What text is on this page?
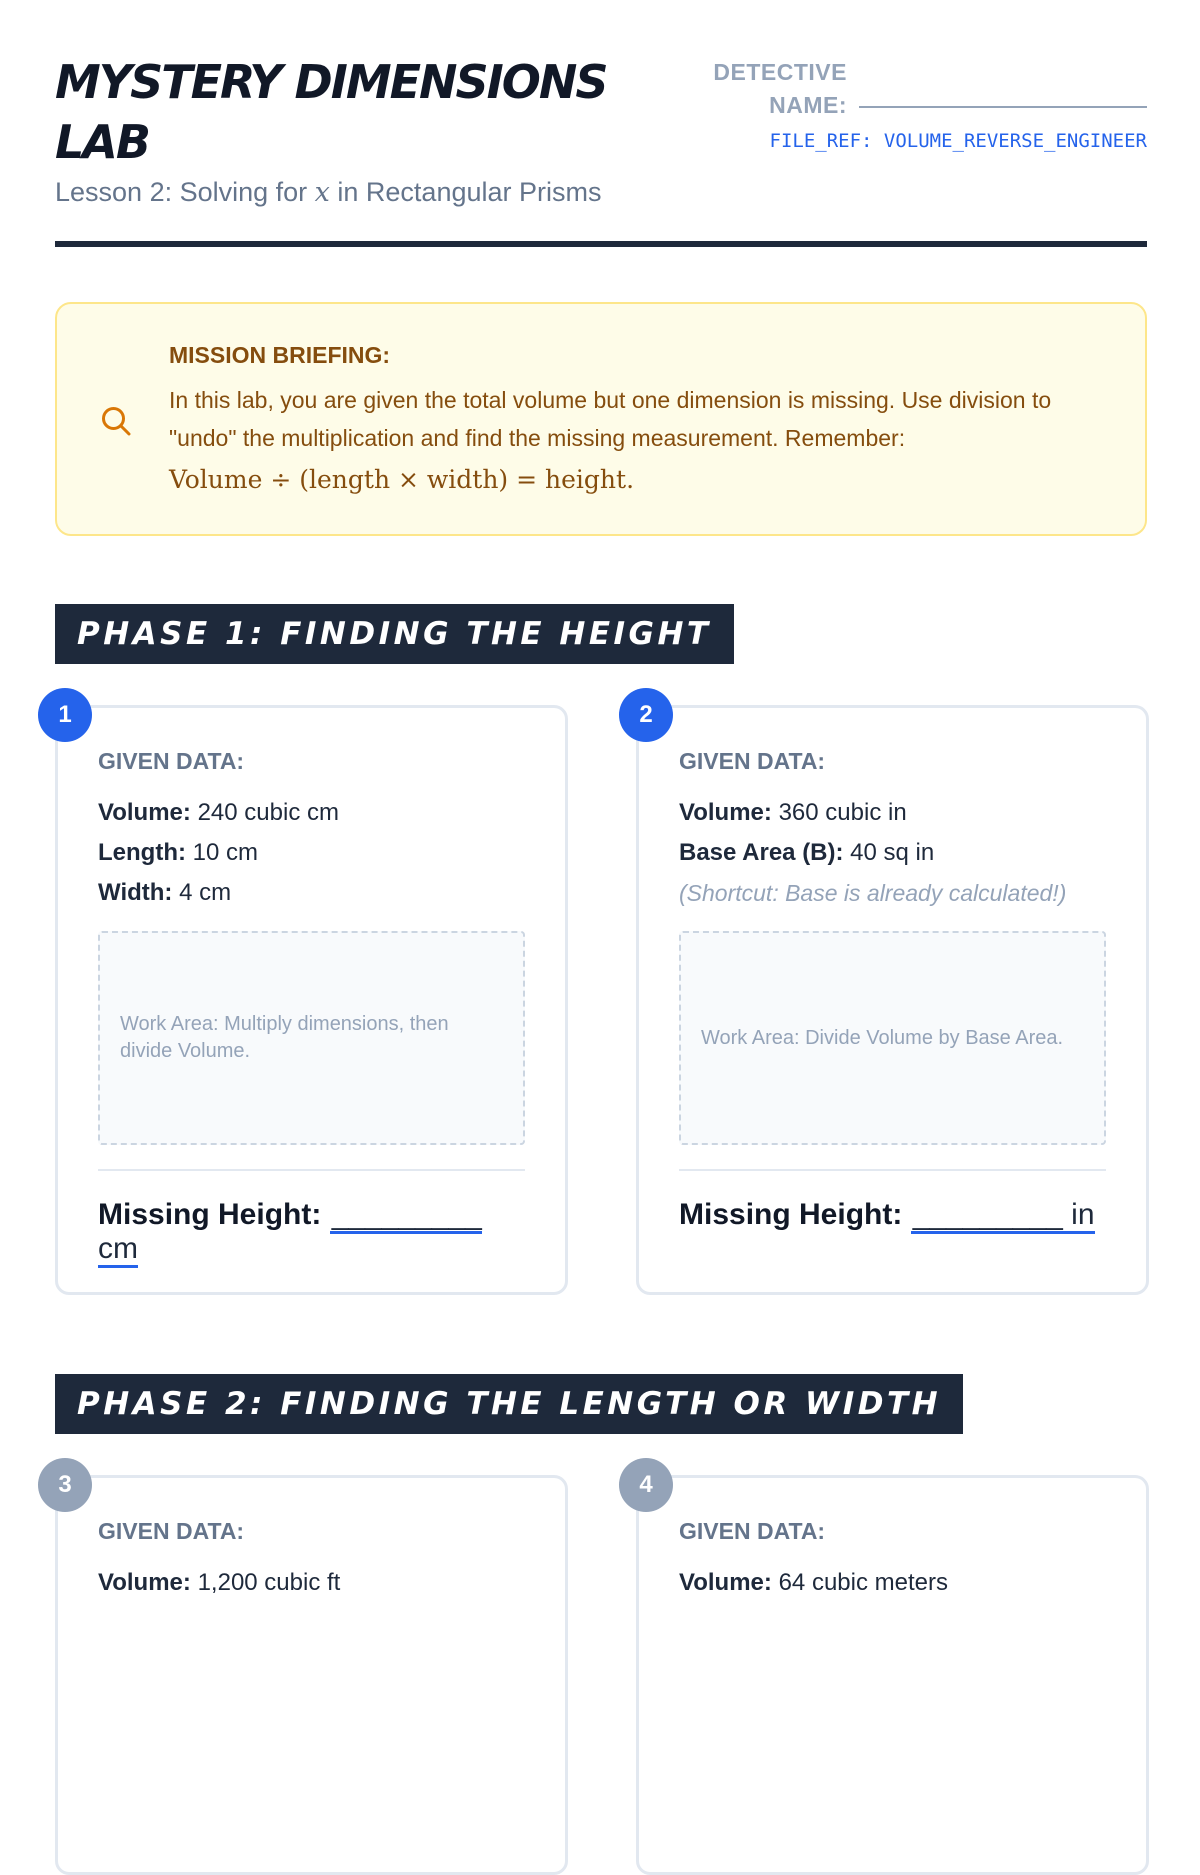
MYSTERY DIMENSIONS LAB

Lesson 2: Solving for x in Rectangular Prisms

DETECTIVE
NAME:
FILE_REF: VOLUME_REVERSE_ENGINEER

MISSION BRIEFING:

In this lab, you are given the total volume but one dimension is missing. Use division to "undo" the multiplication and find the missing measurement. Remember:
Volume ÷ (length × width) = height.

PHASE 1: FINDING THE HEIGHT
1

GIVEN DATA:

Volume: 240 cubic cm

Length: 10 cm

Width: 4 cm

Work Area: Multiply dimensions, then divide Volume.
Missing Height: _________ cm
2

GIVEN DATA:

Volume: 360 cubic in

Base Area (B): 40 sq in

(Shortcut: Base is already calculated!)

Work Area: Divide Volume by Base Area.
Missing Height: _________ in
PHASE 2: FINDING THE LENGTH OR WIDTH
3

GIVEN DATA:

Volume: 1,200 cubic ft

4

GIVEN DATA:

Volume: 64 cubic meters
